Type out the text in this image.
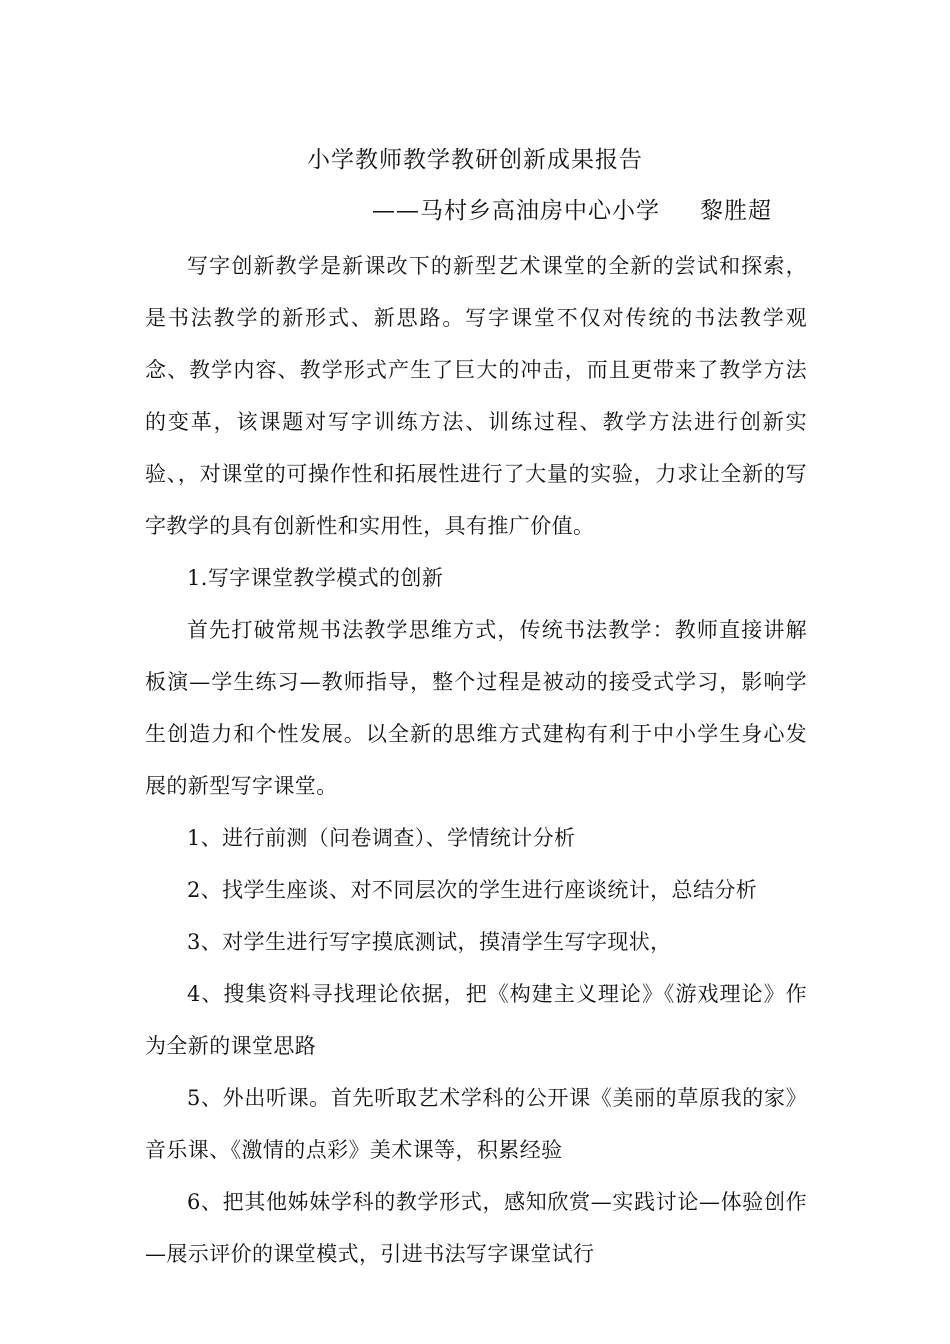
小学教师教学教研创新成果报告
——马村乡高油房中心小学 黎胜超

写字创新教学是新课改下的新型艺术课堂的全新的尝试和探索，是书法教学的新形式、新思路。写字课堂不仅对传统的书法教学观念、教学内容、教学形式产生了巨大的冲击，而且更带来了教学方法的变革，该课题对写字训练方法、训练过程、教学方法进行创新实验、，对课堂的可操作性和拓展性进行了大量的实验，力求让全新的写字教学的具有创新性和实用性，具有推广价值。

1.写字课堂教学模式的创新

首先打破常规书法教学思维方式，传统书法教学：教师直接讲解板演—学生练习—教师指导，整个过程是被动的接受式学习，影响学生创造力和个性发展。以全新的思维方式建构有利于中小学生身心发展的新型写字课堂。

1、进行前测（问卷调查）、学情统计分析

2、找学生座谈、对不同层次的学生进行座谈统计，总结分析

3、对学生进行写字摸底测试，摸清学生写字现状，

4、搜集资料寻找理论依据，把《构建主义理论》《游戏理论》作为全新的课堂思路

5、外出听课。首先听取艺术学科的公开课《美丽的草原我的家》音乐课、《激情的点彩》美术课等，积累经验

6、把其他姊妹学科的教学形式，感知欣赏—实践讨论—体验创作—展示评价的课堂模式，引进书法写字课堂试行
